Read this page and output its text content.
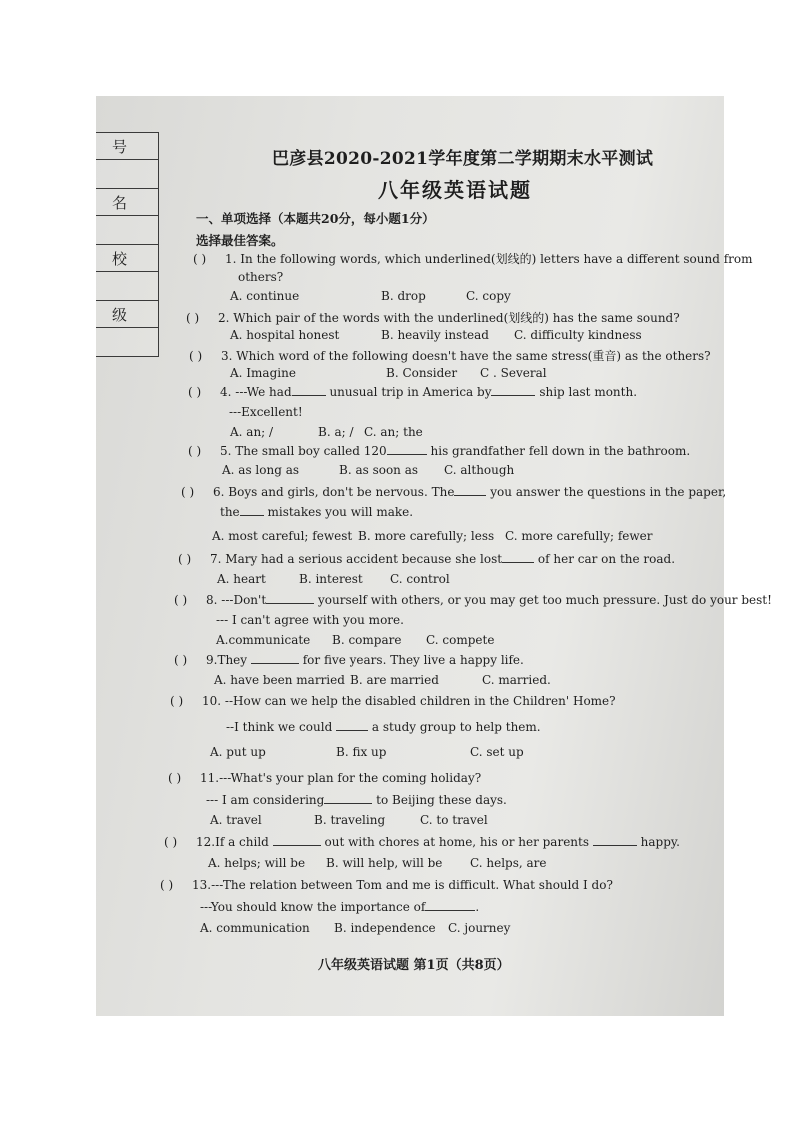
号
名
校
级
巴彦县2020-2021学年度第二学期期末水平测试
八年级英语试题
一、单项选择（本题共20分，每小题1分）
选择最佳答案。
( ) 1. In the following words, which underlined(划线的) letters have a different sound from
others?
A. continue	B. drop	C. copy
( ) 2. Which pair of the words with the underlined(划线的) has the same sound?
A. hospital honest	B. heavily instead C. difficulty kindness
( ) 3. Which word of the following doesn't have the same stress(重音) as the others?
A. Imagine	B. Consider C . Several
( ) 4. ---We had	unusual trip in America by	ship last month.
---Excellent!
A. an; /	B. a; / C. an; the
( ) 5. The small boy called 120	his grandfather fell down in the bathroom.
A. as long as	B. as soon as C. although
( ) 6. Boys and girls, don't be nervous. The	you answer the questions in the paper,
the mistakes you will make.
A. most careful; fewest B. more carefully; less C. more carefully; fewer
( ) 7. Mary had a serious accident because she lost	of her car on the road.
A. heart	B. interest C. control
( ) 8. ---Don't	yourself with others, or you may get too much pressure. Just do your best!
--- I can't agree with you more.
A.communicate B. compare C. compete
( ) 9.They	for five years. They live a happy life.
A. have been married B. are married	C. married.
( ) 10. --How can we help the disabled children in the Children' Home?
--I think we could	a study group to help them.
A. put up	B. fix up	C. set up
( ) 11.---What's your plan for the coming holiday?
--- I am considering	to Beijing these days.
A. travel	B. traveling	C. to travel
( ) 12.If a child	out with chores at home, his or her parents	happy.
A. helps; will be B. will help, will be C. helps, are
( ) 13.---The relation between Tom and me is difficult. What should I do?
---You should know the importance of	.
A. communication B. independence C. journey
八年级英语试题 第1页（共8页）
